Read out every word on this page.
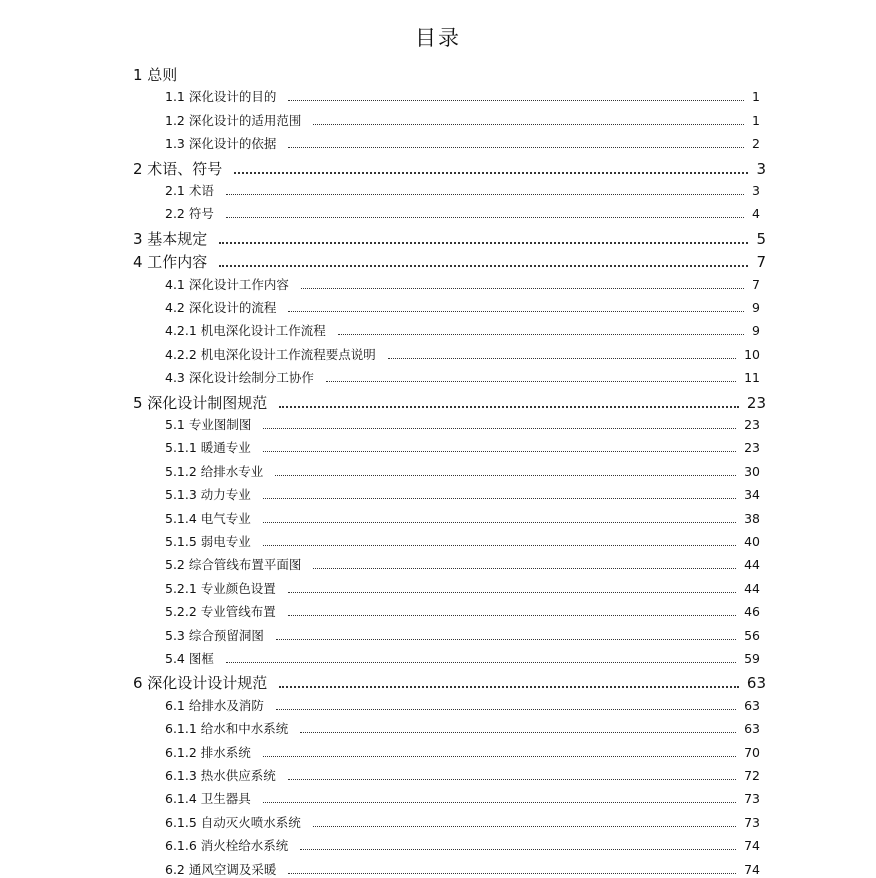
目录
1 总则
1.1 深化设计的目的	1
1.2 深化设计的适用范围	1
1.3 深化设计的依据	2
2 术语、符号	3
2.1 术语	3
2.2 符号	4
3 基本规定	5
4 工作内容	7
4.1 深化设计工作内容	7
4.2 深化设计的流程	9
4.2.1 机电深化设计工作流程	9
4.2.2 机电深化设计工作流程要点说明	10
4.3 深化设计绘制分工协作	11
5 深化设计制图规范	23
5.1 专业图制图	23
5.1.1 暖通专业	23
5.1.2 给排水专业	30
5.1.3 动力专业	34
5.1.4 电气专业	38
5.1.5 弱电专业	40
5.2 综合管线布置平面图	44
5.2.1 专业颜色设置	44
5.2.2 专业管线布置	46
5.3 综合预留洞图	56
5.4 图框	59
6 深化设计设计规范	63
6.1 给排水及消防	63
6.1.1 给水和中水系统	63
6.1.2 排水系统	70
6.1.3 热水供应系统	72
6.1.4 卫生器具	73
6.1.5 自动灭火喷水系统	73
6.1.6 消火栓给水系统	74
6.2 通风空调及采暖	74
